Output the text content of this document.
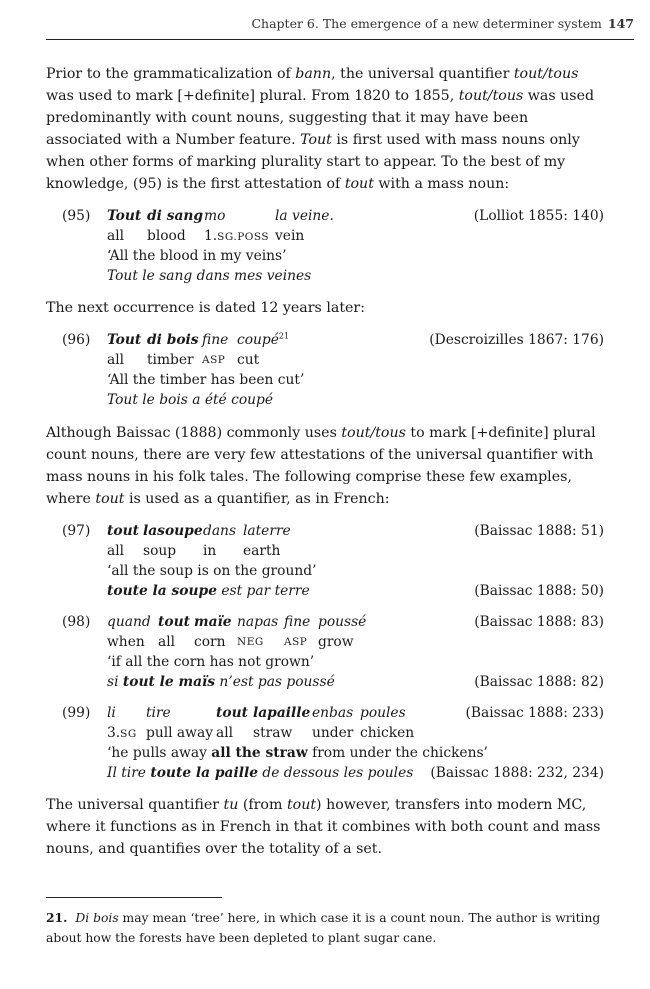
Chapter 6. The emergence of a new determiner system 147

Prior to the grammaticalization of bann, the universal quantifier tout/tous was used to mark [+definite] plural. From 1820 to 1855, tout/tous was used predominantly with count nouns, suggesting that it may have been associated with a Number feature. Tout is first used with mass nouns only when other forms of marking plurality start to appear. To the best of my knowledge, (95) is the first attestation of tout with a mass noun:

(95) Tout di sang mo	la veine.	(Lolliot 1855: 140)
all blood 1.SG.POSS vein
‘All the blood in my veins’
Tout le sang dans mes veines

The next occurrence is dated 12 years later:

(96) Tout di bois fine coupé$^{21}$	(Descroizilles 1867: 176)
all timber ASP cut
‘All the timber has been cut’
Tout le bois a été coupé

Although Baissac (1888) commonly uses tout/tous to mark [+definite] plural count nouns, there are very few attestations of the universal quantifier with mass nouns in his folk tales. The following comprise these few examples, where tout is used as a quantifier, as in French:

(97) tout lasoupe dans laterre	(Baissac 1888: 51)
all soup in earth
‘all the soup is on the ground’
toute la soupe est par terre	(Baissac 1888: 50)
(98) quand tout maïe napas fine poussé	(Baissac 1888: 83)
when all corn NEG ASP grow
‘if all the corn has not grown’
si tout le maïs n’est pas poussé	(Baissac 1888: 82)
(99) li tire	tout lapaille enbas poules	(Baissac 1888: 233)
3.SG pull away all straw under chicken
‘he pulls away all the straw from under the chickens’
Il tire toute la paille de dessous les poules (Baissac 1888: 232, 234)

The universal quantifier tu (from tout) however, transfers into modern MC, where it functions as in French in that it combines with both count and mass nouns, and quantifies over the totality of a set.

21. Di bois may mean ‘tree’ here, in which case it is a count noun. The author is writing about how the forests have been depleted to plant sugar cane.
